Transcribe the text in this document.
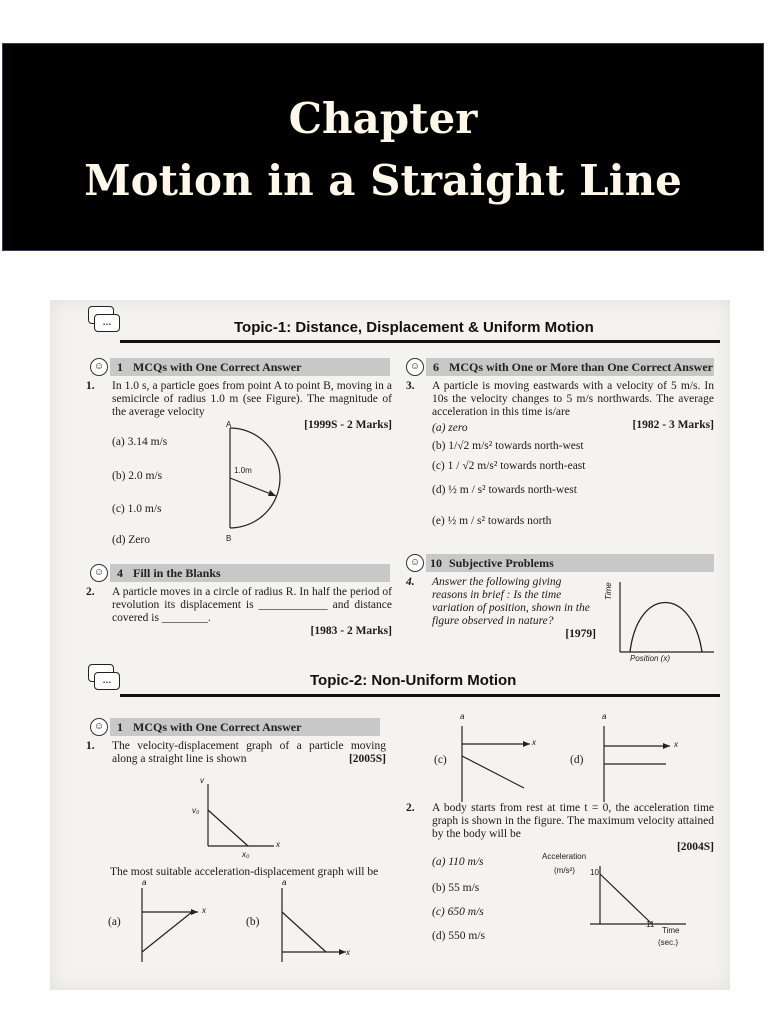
Chapter
Motion in a Straight Line
…	Topic-1: Distance, Displacement & Uniform Motion
☺	1 MCQs with One Correct Answer
1. In 1.0 s, a particle goes from point A to point B, moving in a semicircle of radius 1.0 m (see Figure). The magnitude of the average velocity

[1999S - 2 Marks]
(a) 3.14 m/s
(b) 2.0 m/s
(c) 1.0 m/s
(d) Zero
A
B
1.0m
☺	6 MCQs with One or More than One Correct Answer
3. A particle is moving eastwards with a velocity of 5 m/s. In 10s the velocity changes to 5 m/s northwards. The average acceleration in this time is/are

[1982 - 3 Marks]
(a) zero
(b) 1/√2 m/s² towards north-west
(c) 1 / √2 m/s² towards north-east
(d) ½ m / s² towards north-west
(e) ½ m / s² towards north
☺	4 Fill in the Blanks
2. A particle moves in a circle of radius R. In half the period of revolution its displacement is ____________ and distance covered is ________.

[1983 - 2 Marks]
☺ 10 Subjective Problems
4. Answer the following giving reasons in brief : Is the time variation of position, shown in the figure observed in nature?

[1979]
Time
Position (x)
…	Topic-2: Non-Uniform Motion
☺	1 MCQs with One Correct Answer
1. The velocity-displacement graph of a particle moving along a straight line is shown	[2005S]
v
v₀
x
x₀
The most suitable acceleration-displacement graph will be
(a)
a
x
(b)
a
x
(c)
a
x
(d)
a
x
2. A body starts from rest at time t = 0, the acceleration time graph is shown in the figure. The maximum velocity attained by the body will be

[2004S]
(a) 110 m/s
(b) 55 m/s
(c) 650 m/s
(d) 550 m/s
Acceleration
(m/s²) 10
11
Time
(sec.)
